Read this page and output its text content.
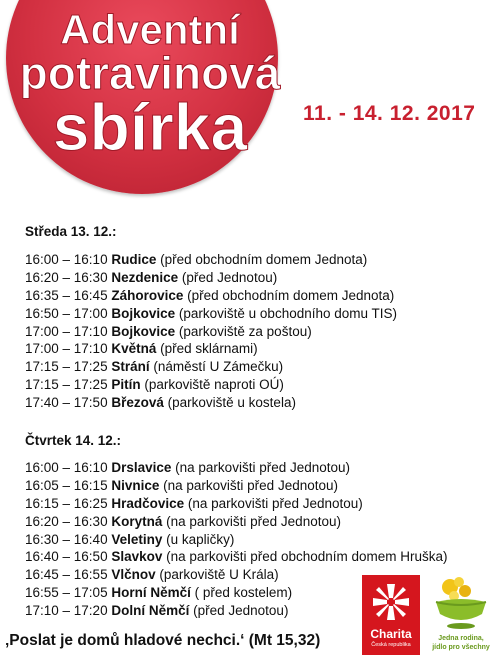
Adventní
potravinová
sbírka	11. - 14. 12. 2017
Středa 13. 12.:
16:00 – 16:10 Rudice (před obchodním domem Jednota)
16:20 – 16:30 Nezdenice (před Jednotou)
16:35 – 16:45 Záhorovice (před obchodním domem Jednota)
16:50 – 17:00 Bojkovice (parkoviště u obchodního domu TIS)
17:00 – 17:10 Bojkovice (parkoviště za poštou)
17:00 – 17:10 Květná (před sklárnami)
17:15 – 17:25 Strání (náměstí U Zámečku)
17:15 – 17:25 Pitín (parkoviště naproti OÚ)
17:40 – 17:50 Březová (parkoviště u kostela)
Čtvrtek 14. 12.:
16:00 – 16:10 Drslavice (na parkovišti před Jednotou)
16:05 – 16:15 Nivnice (na parkovišti před Jednotou)
16:15 – 16:25 Hradčovice (na parkovišti před Jednotou)
16:20 – 16:30 Korytná (na parkovišti před Jednotou)
16:30 – 16:40 Veletiny (u kapličky)
16:40 – 16:50 Slavkov (na parkovišti před obchodním domem Hruška)
16:45 – 16:55 Vlčnov (parkoviště U Krála)
16:55 – 17:05 Horní Němčí ( před kostelem)
17:10 – 17:20 Dolní Němčí (před Jednotou)
‚Poslat je domů hladové nechci.‘ (Mt 15,32)	Charita
Česká republika
Jedna rodina,
jídlo pro všechny
